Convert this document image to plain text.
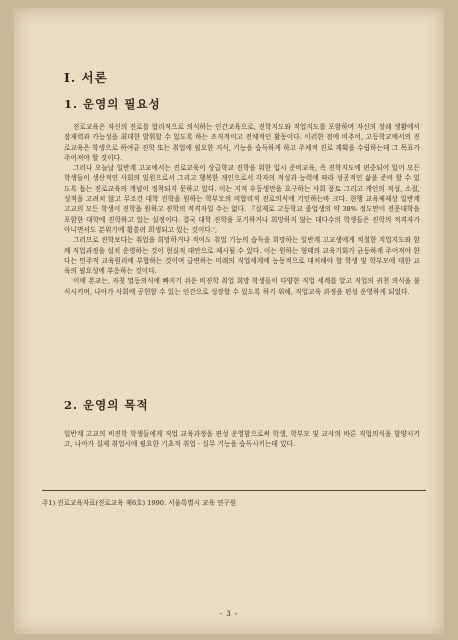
I. 서론
1. 운영의 필요성

진로교육은 자신의 진로를 합리적으로 의식하는 인간교육으로, 진학지도와 직업지도를 포함하며 자신의 장래 생활에서 잠재력과 가능성을 최대한 발휘할 수 있도록 하는 조직적이고 전체적인 활동이다. 이러한 점에 비추어, 고등학교에서의 진로교육은 학생으로 하여금 진학 또는 취업에 필요한 지식, 기능을 습득하게 하고 주체적 진로 계획을 수립하는데 그 목표가 주어져야 할 것이다.

그러나 오늘날 일반계 고교에서는 진로교육이 상급학교 진학을 위한 입시 준비교육, 즉 진학지도에 편중되어 있어 모든 학생들이 생산적인 사회의 일원으로서 그리고 행복한 개인으로서 각자의 적성과 능력에 따라 성공적인 삶을 준비 할 수 있도록 돕는 진로교육의 개념이 정착되지 못하고 있다. 이는 지적 우등생만을 요구하는 사회 풍토 그리고 개인의 적성, 소질, 성적을 고려치 않고 무조건 대학 진학을 원하는 학부모의 비합리적 진로의식에 기인하는바 크다. 현행 교육체제상 일반계 고교의 모든 학생이 진학을 원하고 진학의 적격자일 수는 없다. 『실제로 고등학교 졸업생의 약 38% 정도만이 전문대학을 포함한 대학에 진학하고 있는 실정이다. 결국 대학 진학을 포기하거나 희망하지 않는 대다수의 학생들은 진학의 적격자가 아니면서도 분위기에 휩쓸려 희생되고 있는 것이다.',

그러므로 진학보다는 취업을 희망하거나 적어도 취업 기능의 습득을 희망하는 일반계 고교생에게 적절한 직업지도와 함께 직업과정을 설치 운영하는 것이 현실적 대안으로 제시될 수 있다. 이는 원하는 형태의 교육기회가 균등하게 주어져야 한다는 민주적 교육원리에 부합하는 것이며 급변하는 미래의 직업세계에 능동적으로 대처해야 할 학생 및 학부모에 대한 교육의 필요성에 부응하는 것이다.

이에 본교는, 자칫 열등의식에 빠지기 쉬운 비진학 취업 희망 학생들이 다양한 직업 세계를 알고 직업의 귀천 의식을 불식시키며, 나아가 사회에 공헌할 수 있는 인간으로 성장할 수 있도록 하기 위해, 직업교육 과정을 편성 운영하게 되었다.

2. 운영의 목적

일반계 고교의 비진학 학생들에게 직업 교육과정을 편성 운영함으로써 학생, 학부모 및 교사의 바른 직업의식을 함양시키고, 나아가 실제 취업시에 필요한 기초적 취업 · 실무 기능을 습득시키는데 있다.

주1) 진로교육자료(진로교육 제6호) 1990. 서울특별시 교육 연구원
- 3 -
